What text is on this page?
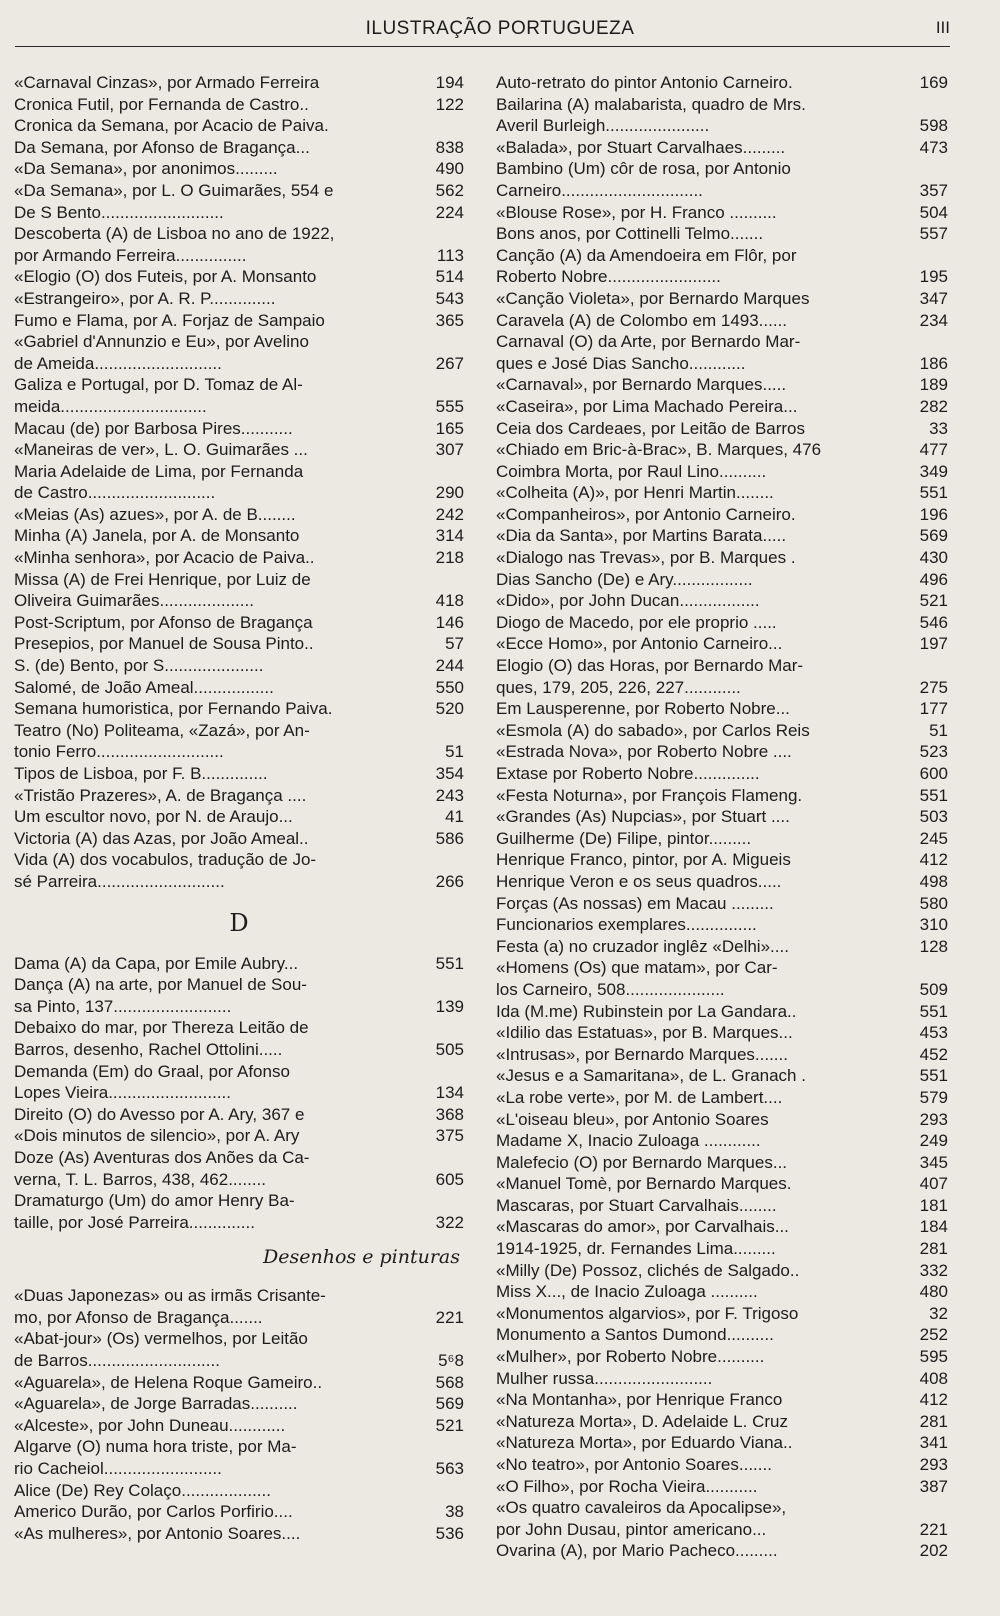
ILUSTRAÇÃO PORTUGUEZA	III
«Carnaval Cinzas», por Armado Ferreira	194
Cronica Futil, por Fernanda de Castro..	122
Cronica da Semana, por Acacio de Paiva.
Da Semana, por Afonso de Bragança...	838
«Da Semana», por anonimos.........	490
«Da Semana», por L. O Guimarães, 554 e	562
De S Bento..........................	224
Descoberta (A) de Lisboa no ano de 1922,
por Armando Ferreira...............	113
«Elogio (O) dos Futeis, por A. Monsanto	514
«Estrangeiro», por A. R. P..............	543
Fumo e Flama, por A. Forjaz de Sampaio	365
«Gabriel d'Annunzio e Eu», por Avelino
de Ameida...........................	267
Galiza e Portugal, por D. Tomaz de Al-
meida...............................	555
Macau (de) por Barbosa Pires...........	165
«Maneiras de ver», L. O. Guimarães ...	307
Maria Adelaide de Lima, por Fernanda
de Castro...........................	290
«Meias (As) azues», por A. de B........	242
Minha (A) Janela, por A. de Monsanto	314
«Minha senhora», por Acacio de Paiva..	218
Missa (A) de Frei Henrique, por Luiz de
Oliveira Guimarães....................	418
Post-Scriptum, por Afonso de Bragança	146
Presepios, por Manuel de Sousa Pinto..	57
S. (de) Bento, por S.....................	244
Salomé, de João Ameal.................	550
Semana humoristica, por Fernando Paiva.	520
Teatro (No) Politeama, «Zazá», por An-
tonio Ferro...........................	51
Tipos de Lisboa, por F. B..............	354
«Tristão Prazeres», A. de Bragança ....	243
Um escultor novo, por N. de Araujo...	41
Victoria (A) das Azas, por João Ameal..	586
Vida (A) dos vocabulos, tradução de Jo-
sé Parreira...........................	266
D
Dama (A) da Capa, por Emile Aubry...	551
Dança (A) na arte, por Manuel de Sou-
sa Pinto, 137.........................	139
Debaixo do mar, por Thereza Leitão de
Barros, desenho, Rachel Ottolini.....	505
Demanda (Em) do Graal, por Afonso
Lopes Vieira..........................	134
Direito (O) do Avesso por A. Ary, 367 e	368
«Dois minutos de silencio», por A. Ary	375
Doze (As) Aventuras dos Anões da Ca-
verna, T. L. Barros, 438, 462........	605
Dramaturgo (Um) do amor Henry Ba-
taille, por José Parreira..............	322
Desenhos e pinturas
«Duas Japonezas» ou as irmãs Crisante-
mo, por Afonso de Bragança.......	221
«Abat-jour» (Os) vermelhos, por Leitão
de Barros............................	5⁶8
«Aguarela», de Helena Roque Gameiro..	568
«Aguarela», de Jorge Barradas..........	569
«Alceste», por John Duneau............	521
Algarve (O) numa hora triste, por Ma-
rio Cacheiol.........................	563
Alice (De) Rey Colaço...................
Americo Durão, por Carlos Porfirio....	38
«As mulheres», por Antonio Soares....	536
Auto-retrato do pintor Antonio Carneiro.	169
Bailarina (A) malabarista, quadro de Mrs.
Averil Burleigh......................	598
«Balada», por Stuart Carvalhaes.........	473
Bambino (Um) côr de rosa, por Antonio
Carneiro..............................	357
«Blouse Rose», por H. Franco ..........	504
Bons anos, por Cottinelli Telmo.......	557
Canção (A) da Amendoeira em Flôr, por
Roberto Nobre........................	195
«Canção Violeta», por Bernardo Marques	347
Caravela (A) de Colombo em 1493......	234
Carnaval (O) da Arte, por Bernardo Mar-
ques e José Dias Sancho............	186
«Carnaval», por Bernardo Marques.....	189
«Caseira», por Lima Machado Pereira...	282
Ceia dos Cardeaes, por Leitão de Barros	33
«Chiado em Bric-à-Brac», B. Marques, 476	477
Coimbra Morta, por Raul Lino..........	349
«Colheita (A)», por Henri Martin........	551
«Companheiros», por Antonio Carneiro.	196
«Dia da Santa», por Martins Barata.....	569
«Dialogo nas Trevas», por B. Marques .	430
Dias Sancho (De) e Ary.................	496
«Dido», por John Ducan.................	521
Diogo de Macedo, por ele proprio .....	546
«Ecce Homo», por Antonio Carneiro...	197
Elogio (O) das Horas, por Bernardo Mar-
ques, 179, 205, 226, 227............	275
Em Lausperenne, por Roberto Nobre...	177
«Esmola (A) do sabado», por Carlos Reis	51
«Estrada Nova», por Roberto Nobre ....	523
Extase por Roberto Nobre..............	600
«Festa Noturna», por François Flameng.	551
«Grandes (As) Nupcias», por Stuart ....	503
Guilherme (De) Filipe, pintor.........	245
Henrique Franco, pintor, por A. Migueis	412
Henrique Veron e os seus quadros.....	498
Forças (As nossas) em Macau .........	580
Funcionarios exemplares...............	310
Festa (a) no cruzador inglêz «Delhi»....	128
«Homens (Os) que matam», por Car-
los Carneiro, 508.....................	509
Ida (M.me) Rubinstein por La Gandara..	551
«Idilio das Estatuas», por B. Marques...	453
«Intrusas», por Bernardo Marques.......	452
«Jesus e a Samaritana», de L. Granach .	551
«La robe verte», por M. de Lambert....	579
«L'oiseau bleu», por Antonio Soares	293
Madame X, Inacio Zuloaga ............	249
Malefecio (O) por Bernardo Marques...	345
«Manuel Tomè, por Bernardo Marques.	407
Mascaras, por Stuart Carvalhais........	181
«Mascaras do amor», por Carvalhais...	184
1914-1925, dr. Fernandes Lima.........	281
«Milly (De) Possoz, clichés de Salgado..	332
Miss X..., de Inacio Zuloaga ..........	480
«Monumentos algarvios», por F. Trigoso	32
Monumento a Santos Dumond..........	252
«Mulher», por Roberto Nobre..........	595
Mulher russa.........................	408
«Na Montanha», por Henrique Franco	412
«Natureza Morta», D. Adelaide L. Cruz	281
«Natureza Morta», por Eduardo Viana..	341
«No teatro», por Antonio Soares.......	293
«O Filho», por Rocha Vieira...........	387
«Os quatro cavaleiros da Apocalipse»,
por John Dusau, pintor americano...	221
Ovarina (A), por Mario Pacheco.........	202
